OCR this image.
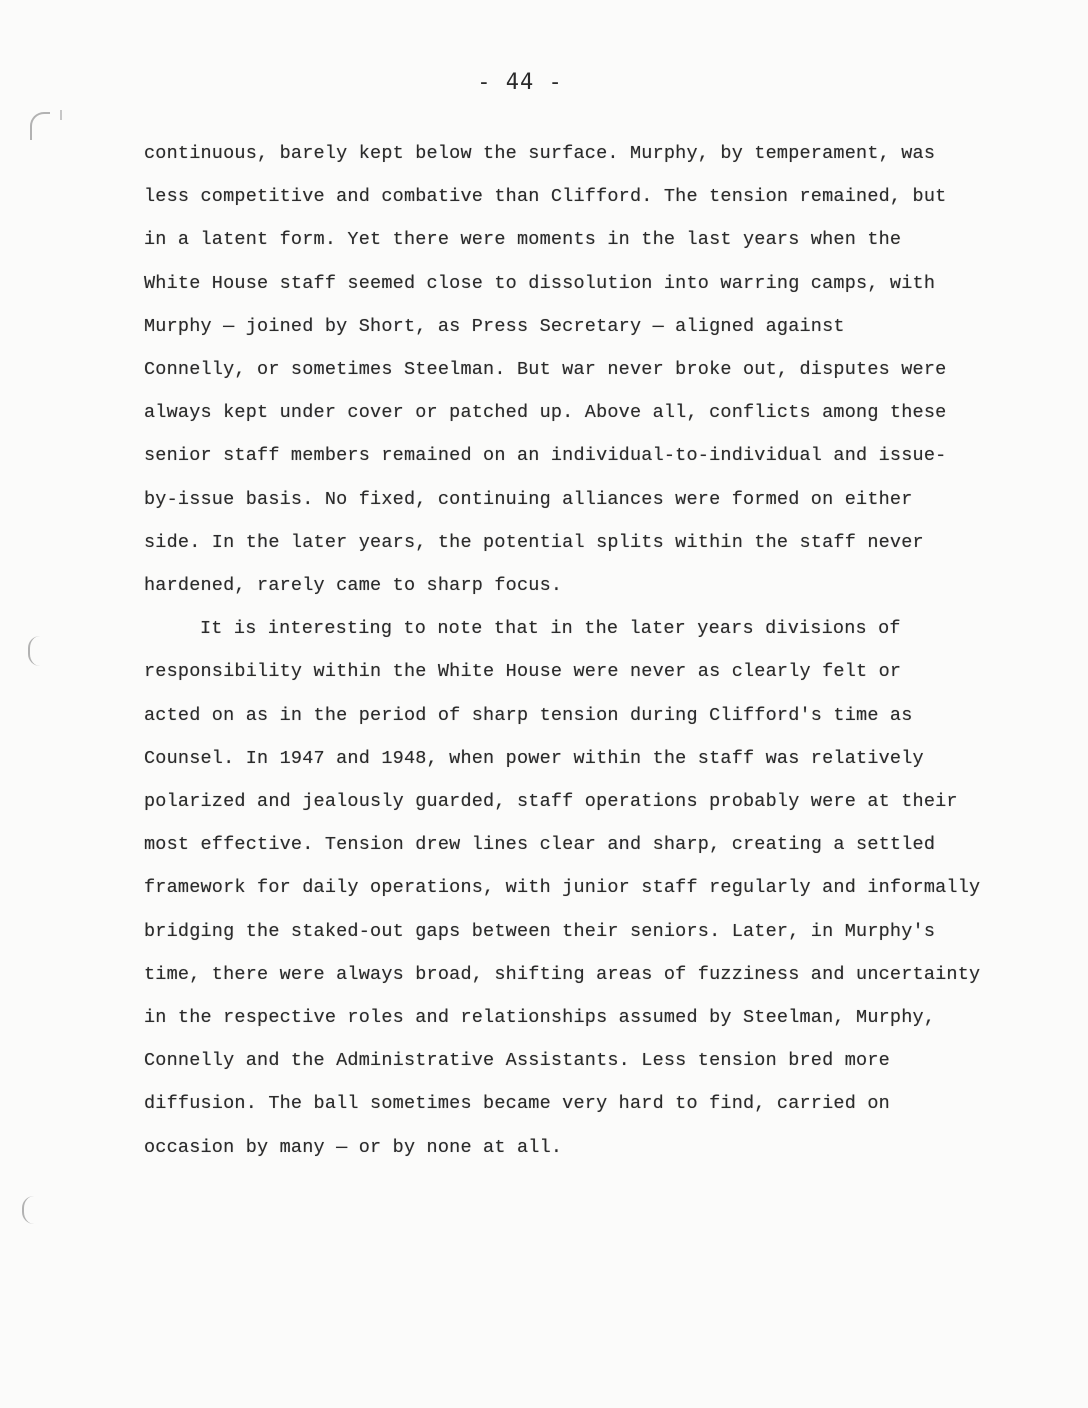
- 44 -

continuous, barely kept below the surface. Murphy, by temperament, was
less competitive and combative than Clifford. The tension remained, but
in a latent form. Yet there were moments in the last years when the
White House staff seemed close to dissolution into warring camps, with
Murphy — joined by Short, as Press Secretary — aligned against
Connelly, or sometimes Steelman. But war never broke out, disputes were
always kept under cover or patched up. Above all, conflicts among these
senior staff members remained on an individual-to-individual and issue-
by-issue basis. No fixed, continuing alliances were formed on either
side. In the later years, the potential splits within the staff never
hardened, rarely came to sharp focus.

It is interesting to note that in the later years divisions of
responsibility within the White House were never as clearly felt or
acted on as in the period of sharp tension during Clifford's time as
Counsel. In 1947 and 1948, when power within the staff was relatively
polarized and jealously guarded, staff operations probably were at their
most effective. Tension drew lines clear and sharp, creating a settled
framework for daily operations, with junior staff regularly and informally
bridging the staked-out gaps between their seniors. Later, in Murphy's
time, there were always broad, shifting areas of fuzziness and uncertainty
in the respective roles and relationships assumed by Steelman, Murphy,
Connelly and the Administrative Assistants. Less tension bred more
diffusion. The ball sometimes became very hard to find, carried on
occasion by many — or by none at all.
